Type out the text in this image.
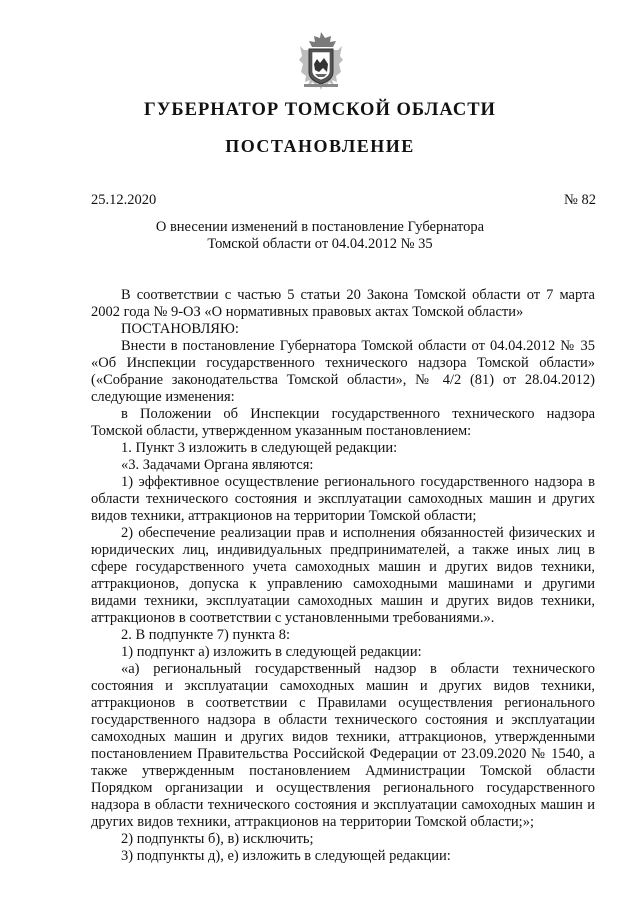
ГУБЕРНАТОР ТОМСКОЙ ОБЛАСТИ
ПОСТАНОВЛЕНИЕ
25.12.2020	№ 82
О внесении изменений в постановление Губернатора
Томской области от 04.04.2012 № 35

В соответствии с частью 5 статьи 20 Закона Томской области от 7 марта 2002 года № 9-ОЗ «О нормативных правовых актах Томской области»

ПОСТАНОВЛЯЮ:

Внести в постановление Губернатора Томской области от 04.04.2012 № 35 «Об Инспекции государственного технического надзора Томской области» («Собрание законодательства Томской области», № 4/2 (81) от 28.04.2012) следующие изменения:

в Положении об Инспекции государственного технического надзора Томской области, утвержденном указанным постановлением:

1. Пункт 3 изложить в следующей редакции:

«3. Задачами Органа являются:

1) эффективное осуществление регионального государственного надзора в области технического состояния и эксплуатации самоходных машин и других видов техники, аттракционов на территории Томской области;

2) обеспечение реализации прав и исполнения обязанностей физических и юридических лиц, индивидуальных предпринимателей, а также иных лиц в сфере государственного учета самоходных машин и других видов техники, аттракционов, допуска к управлению самоходными машинами и другими видами техники, эксплуатации самоходных машин и других видов техники, аттракционов в соответствии с установленными требованиями.».

2. В подпункте 7) пункта 8:

1) подпункт а) изложить в следующей редакции:

«а) региональный государственный надзор в области технического состояния и эксплуатации самоходных машин и других видов техники, аттракционов в соответствии с Правилами осуществления регионального государственного надзора в области технического состояния и эксплуатации самоходных машин и других видов техники, аттракционов, утвержденными постановлением Правительства Российской Федерации от 23.09.2020 № 1540, а также утвержденным постановлением Администрации Томской области Порядком организации и осуществления регионального государственного надзора в области технического состояния и эксплуатации самоходных машин и других видов техники, аттракционов на территории Томской области;»;

2) подпункты б), в) исключить;

3) подпункты д), е) изложить в следующей редакции:
